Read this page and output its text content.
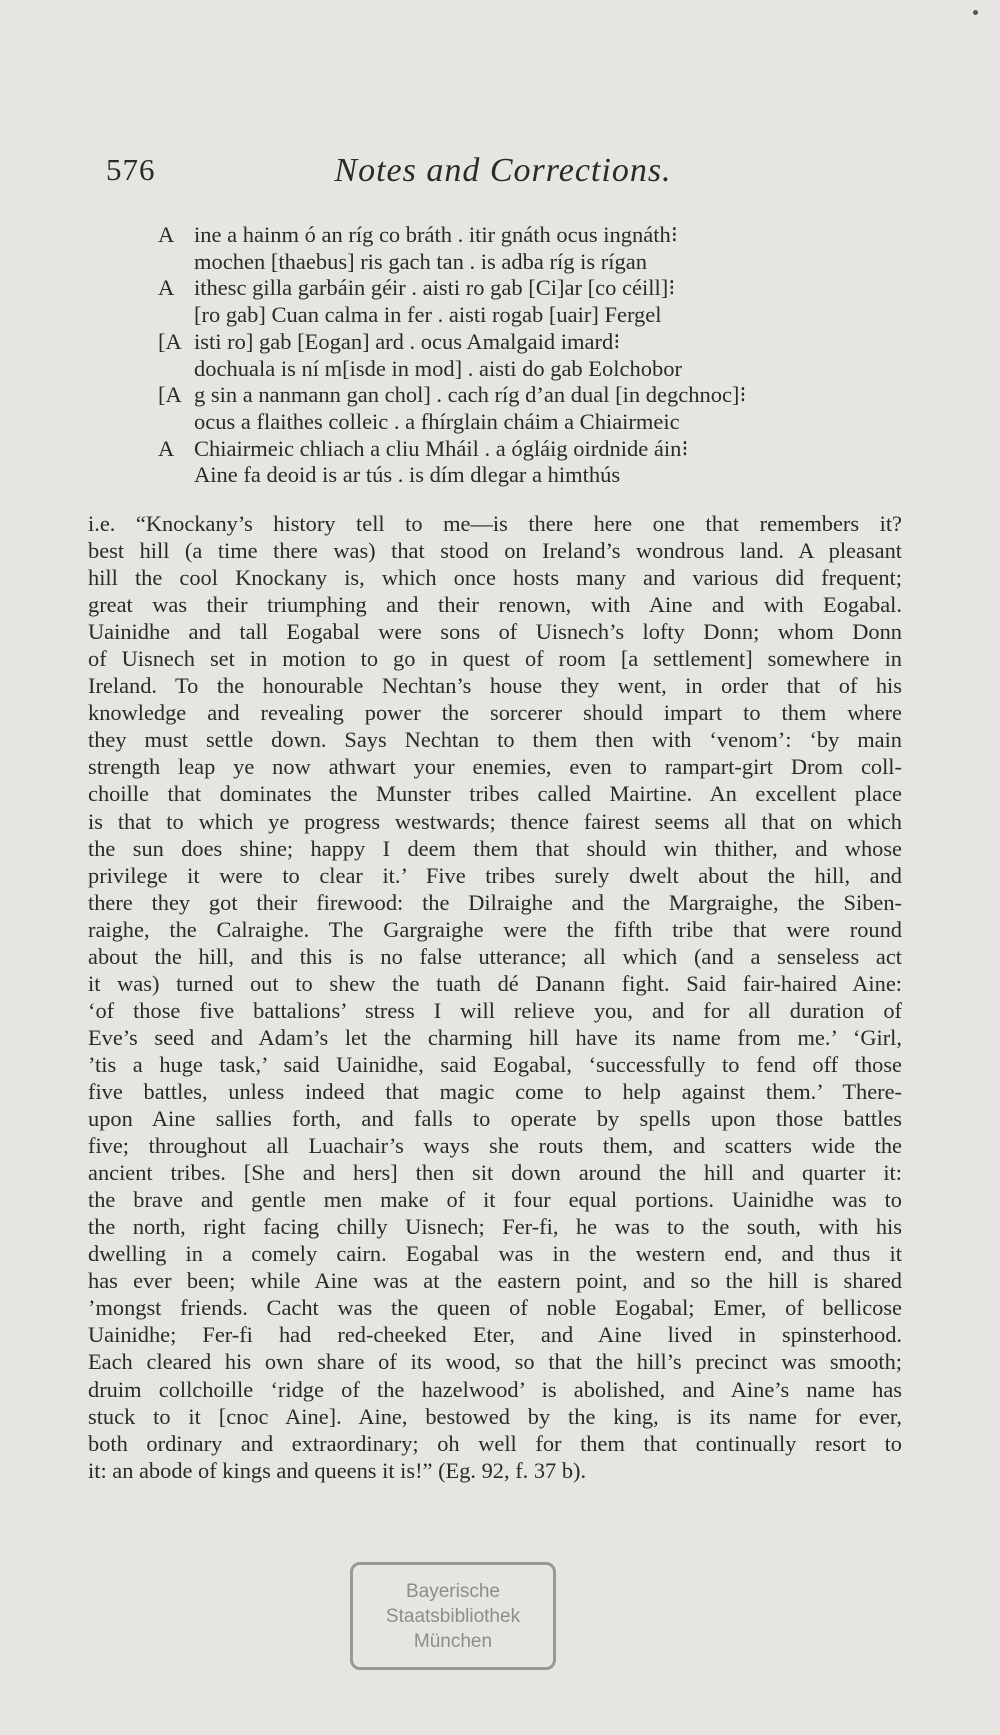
576	Notes and Corrections.
A ine a hainm ó an ríg co bráth . itir gnáth ocus ingnáth⁝
mochen [thaebus] ris gach tan . is adba ríg is rígan
A ithesc gilla garbáin géir . aisti ro gab [Ci]ar [co céill]⁝
[ro gab] Cuan calma in fer . aisti rogab [uair] Fergel
[A isti ro] gab [Eogan] ard . ocus Amalgaid imard⁝
dochuala is ní m[isde in mod] . aisti do gab Eolchobor
[A g sin a nanmann gan chol] . cach ríg d’an dual [in degchnoc]⁝
ocus a flaithes colleic . a fhírglain cháim a Chiairmeic
A Chiairmeic chliach a cliu Mháil . a ógláig oirdnide áin⁝
Aine fa deoid is ar tús . is dím dlegar a himthús
i.e. “Knockany’s history tell to me—is there here one that remembers it?
best hill (a time there was) that stood on Ireland’s wondrous land. A pleasant
hill the cool Knockany is, which once hosts many and various did frequent;
great was their triumphing and their renown, with Aine and with Eogabal.
Uainidhe and tall Eogabal were sons of Uisnech’s lofty Donn; whom Donn
of Uisnech set in motion to go in quest of room [a settlement] somewhere in
Ireland. To the honourable Nechtan’s house they went, in order that of his
knowledge and revealing power the sorcerer should impart to them where
they must settle down. Says Nechtan to them then with ‘venom’: ‘by main
strength leap ye now athwart your enemies, even to rampart-girt Drom coll-
choille that dominates the Munster tribes called Mairtine. An excellent place
is that to which ye progress westwards; thence fairest seems all that on which
the sun does shine; happy I deem them that should win thither, and whose
privilege it were to clear it.’ Five tribes surely dwelt about the hill, and
there they got their firewood: the Dilraighe and the Margraighe, the Siben-
raighe, the Calraighe. The Gargraighe were the fifth tribe that were round
about the hill, and this is no false utterance; all which (and a senseless act
it was) turned out to shew the tuath dé Danann fight. Said fair-haired Aine:
‘of those five battalions’ stress I will relieve you, and for all duration of
Eve’s seed and Adam’s let the charming hill have its name from me.’ ‘Girl,
’tis a huge task,’ said Uainidhe, said Eogabal, ‘successfully to fend off those
five battles, unless indeed that magic come to help against them.’ There-
upon Aine sallies forth, and falls to operate by spells upon those battles
five; throughout all Luachair’s ways she routs them, and scatters wide the
ancient tribes. [She and hers] then sit down around the hill and quarter it:
the brave and gentle men make of it four equal portions. Uainidhe was to
the north, right facing chilly Uisnech; Fer-fi, he was to the south, with his
dwelling in a comely cairn. Eogabal was in the western end, and thus it
has ever been; while Aine was at the eastern point, and so the hill is shared
’mongst friends. Cacht was the queen of noble Eogabal; Emer, of bellicose
Uainidhe; Fer-fi had red-cheeked Eter, and Aine lived in spinsterhood.
Each cleared his own share of its wood, so that the hill’s precinct was smooth;
druim collchoille ‘ridge of the hazelwood’ is abolished, and Aine’s name has
stuck to it [cnoc Aine]. Aine, bestowed by the king, is its name for ever,
both ordinary and extraordinary; oh well for them that continually resort to
it: an abode of kings and queens it is!” (Eg. 92, f. 37 b).
Bayerische
Staatsbibliothek
München
